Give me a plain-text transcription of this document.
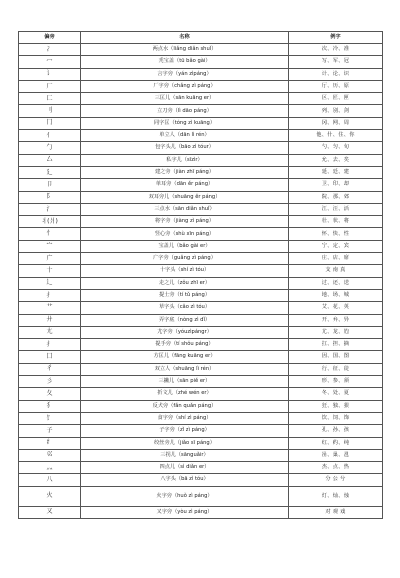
偏旁	名称	例字
冫	两点水（liǎng diǎn shuǐ）	次、冷、准
冖	秃宝盖（tū bǎo gài）	写、军、冠
讠	言字旁（yán zìpáng）	计、论、识
厂	厂字旁（chǎng zì páng）	厅、历、原
匚	三匡儿（sān kuāng er）	区、匠、匣
刂	立刀旁（lì dāo páng）	列、别、剑
冂	同字匡（tóng zì kuāng）	冈、网、周
亻	单立人（dān lì rén）	他、什、住、你
勹	包字头儿（bāo zì tóur）	勺、匀、旬
厶	私字儿（sīzìr）	允、去、矣
廴	建之旁（jiàn zhī páng）	延、廷、建
卩	单耳旁（dān ěr páng）	卫、印、却
阝	双耳旁儿（shuāng ěr páng）	院、那、郊
氵	三点水（sān diǎn shuǐ）	江、汪、活
丬(爿)	将字旁（jiàng zì páng）	壮、状、将
忄	竖心旁（shù xīn páng）	怀、快、性
宀	宝盖儿（bǎo gài er）	宁、定、宾
广	广字旁（guǎng zì páng）	庄、店、席
十	十字头（shí zì tóu）	支 南 真
辶	走之儿（zǒu zhī er）	过、还、送
扌	提土旁（tí tǔ páng）	地、场、城
艹	草字头（cǎo zì tóu）	艾、花、英
廾	弄字底（nòng zì dǐ）	开、弁、异
尢	尤字旁（yóuzìpángr）	尤、龙、尥
扌	提手旁（tí shǒu páng）	扛、担、摘
囗	方匡儿（fāng kuāng er）	因、国、图
彳	双立人（shuāng lì rén）	行、征、徒
彡	三撇儿（sān piě er）	形、参、须
夂	折文儿（zhé wén er）	冬、处、夏
犭	反犬旁（fǎn quǎn páng）	狂、独、狠
饣	食字旁（shí zì páng）	饮、饲、饰
子	子字旁（zǐ zì páng）	孔、孙、孩
纟	绞丝旁儿（jiǎo sī páng）	红、约、纯
巛	三拐儿（sānguǎir）	甾、巢、邕
灬	四点儿（sì diǎn er）	杰、点、热
八	八字头（bā zì tóu）	分 公 兮
火	火字旁（huǒ zì páng）	灯、灿、烛
又	又字旁（yòu zì páng）	对 观 戏
